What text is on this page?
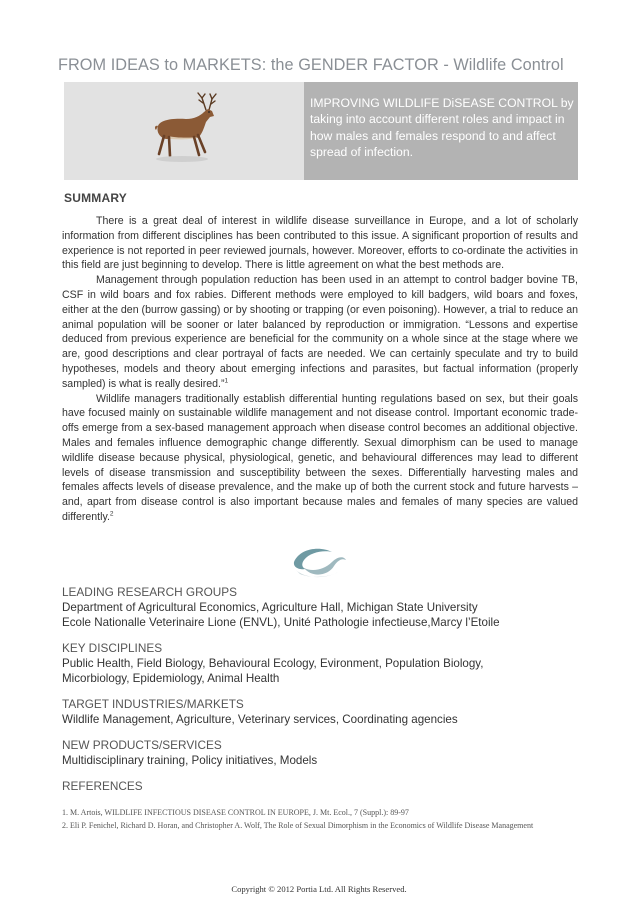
FROM IDEAS to MARKETS: the GENDER FACTOR - Wildlife Control
IMPROVING WILDLIFE DiSEASE CONTROL by taking into account different roles and impact in how males and females respond to and affect spread of infection.
SUMMARY

There is a great deal of interest in wildlife disease surveillance in Europe, and a lot of scholarly information from different disciplines has been contributed to this issue. A significant proportion of results and experience is not reported in peer reviewed journals, however. Moreover, efforts to co-ordinate the activities in this field are just beginning to develop. There is little agreement on what the best methods are.

Management through population reduction has been used in an attempt to control badger bovine TB, CSF in wild boars and fox rabies. Different methods were employed to kill badgers, wild boars and foxes, either at the den (burrow gassing) or by shooting or trapping (or even poisoning). However, a trial to reduce an animal population will be sooner or later balanced by reproduction or immigration. “Lessons and expertise deduced from previous experience are beneficial for the community on a whole since at the stage where we are, good descriptions and clear portrayal of facts are needed. We can certainly speculate and try to build hypotheses, models and theory about emerging infections and parasites, but factual information (properly sampled) is what is really desired.”$^1$

Wildlife managers traditionally establish differential hunting regulations based on sex, but their goals have focused mainly on sustainable wildlife management and not disease control. Important economic trade-offs emerge from a sex-based management approach when disease control becomes an additional objective. Males and females influence demographic change differently. Sexual dimorphism can be used to manage wildlife disease because physical, physiological, genetic, and behavioural differences may lead to different levels of disease transmission and susceptibility between the sexes. Differentially harvesting males and females affects levels of disease prevalence, and the make up of both the current stock and future harvests – and, apart from disease control is also important because males and females of many species are valued differently.$^2$

LEADING RESEARCH GROUPS
Department of Agricultural Economics, Agriculture Hall, Michigan State University
Ecole Nationalle Veterinaire Lione (ENVL), Unité Pathologie infectieuse,Marcy l’Etoile
KEY DISCIPLINES
Public Health, Field Biology, Behavioural Ecology, Evironment, Population Biology,
Micorbiology, Epidemiology, Animal Health
TARGET INDUSTRIES/MARKETS
Wildlife Management, Agriculture, Veterinary services, Coordinating agencies
NEW PRODUCTS/SERVICES
Multidisciplinary training, Policy initiatives, Models
REFERENCES
1. M. Artois, WILDLIFE INFECTIOUS DISEASE CONTROL IN EUROPE, J. Mt. Ecol., 7 (Suppl.): 89-97
2. Eli P. Fenichel, Richard D. Horan, and Christopher A. Wolf, The Role of Sexual Dimorphism in the Economics of Wildlife Disease Management
Copyright © 2012 Portia Ltd. All Rights Reserved.
